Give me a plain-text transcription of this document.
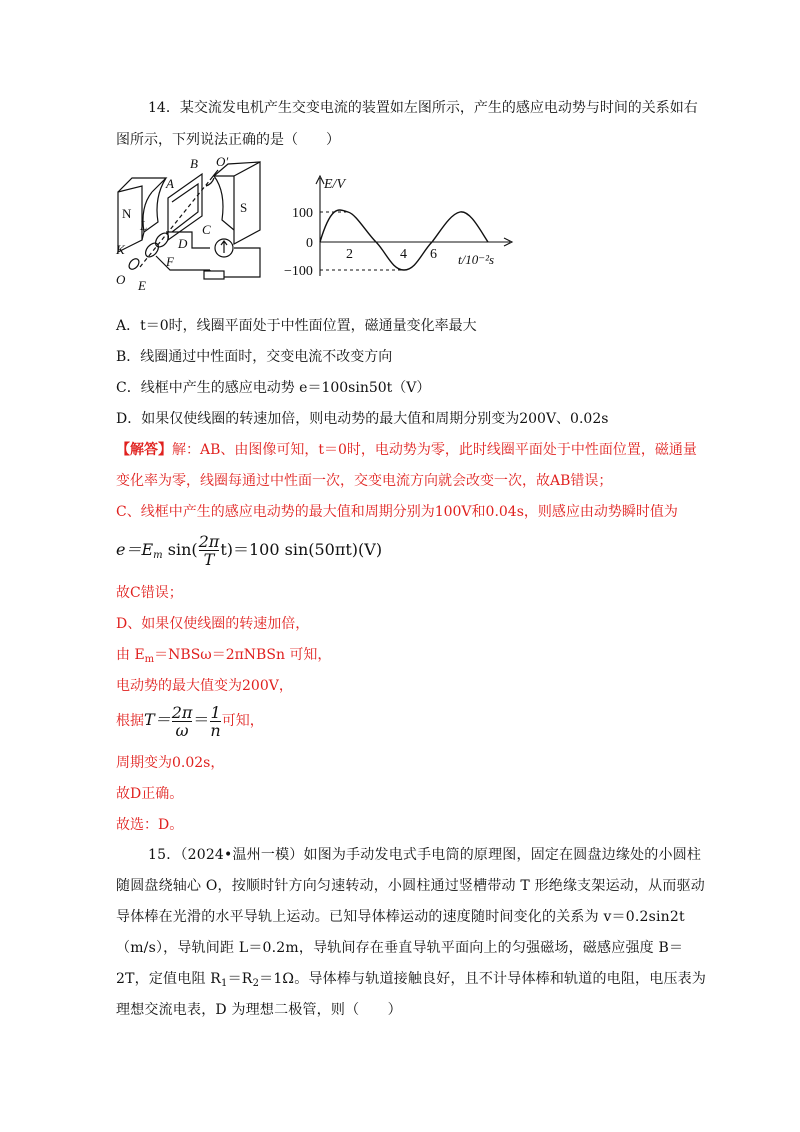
14．某交流发电机产生交变电流的装置如左图所示，产生的感应电动势与时间的关系如右
图所示，下列说法正确的是（　　）
N	S
A
B
C
D
K
L
F
O E
O′
E/V
100
0
−100
2	4 6 t/10⁻²s
A．t＝0时，线圈平面处于中性面位置，磁通量变化率最大
B．线圈通过中性面时，交变电流不改变方向
C．线框中产生的感应电动势 e＝100sin50t（V）
D．如果仅使线圈的转速加倍，则电动势的最大值和周期分别变为200V、0.02s
【解答】解：AB、由图像可知，t＝0时，电动势为零，此时线圈平面处于中性面位置，磁通量
变化率为零，线圈每通过中性面一次，交变电流方向就会改变一次，故AB错误；
C、线框中产生的感应电动势的最大值和周期分别为100V和0.04s，则感应由动势瞬时值为
$e=E_m$ $\sin( \frac{2\pi}{T} t)=100$ sin(50πt)(V)
故C错误；
D、如果仅使线圈的转速加倍，
由 $E_m=NBS\omega=2\pi NBSn$ 可知，
电动势的最大值变为200V，
根据$T= \frac{2\pi}{\omega} = \frac{1}{n}$ 可知，
周期变为0.02s，
故D正确。
故选：D。
15．（2024•温州一模）如图为手动发电式手电筒的原理图，固定在圆盘边缘处的小圆柱
随圆盘绕轴心 O，按顺时针方向匀速转动，小圆柱通过竖槽带动 T 形绝缘支架运动，从而驱动
导体棒在光滑的水平导轨上运动。已知导体棒运动的速度随时间变化的关系为 v＝0.2sin2t
（m/s），导轨间距 L＝0.2m，导轨间存在垂直导轨平面向上的匀强磁场，磁感应强度 B＝
2T，定值电阻 $R_1=R_2=1\Omega$。导体棒与轨道接触良好，且不计导体棒和轨道的电阻，电压表为
理想交流电表，D 为理想二极管，则（　　）
